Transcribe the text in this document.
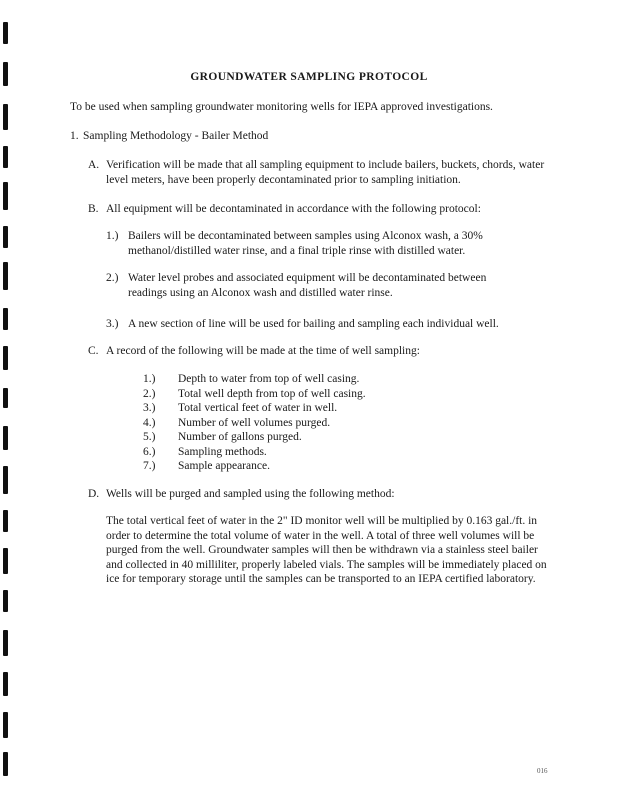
GROUNDWATER SAMPLING PROTOCOL

To be used when sampling groundwater monitoring wells for IEPA approved investigations.

1. Sampling Methodology - Bailer Method
A. Verification will be made that all sampling equipment to include bailers, buckets, chords, water level meters, have been properly decontaminated prior to sampling initiation.

B. All equipment will be decontaminated in accordance with the following protocol:

1.) Bailers will be decontaminated between samples using Alconox wash, a 30% methanol/distilled water rinse, and a final triple rinse with distilled water.

2.) Water level probes and associated equipment will be decontaminated between readings using an Alconox wash and distilled water rinse.

3.) A new section of line will be used for bailing and sampling each individual well.

C. A record of the following will be made at the time of well sampling:

1.) Depth to water from top of well casing.
2.) Total well depth from top of well casing.
3.) Total vertical feet of water in well.
4.) Number of well volumes purged.
5.) Number of gallons purged.
6.) Sampling methods.
7.) Sample appearance.
D. Wells will be purged and sampled using the following method:

The total vertical feet of water in the 2" ID monitor well will be multiplied by 0.163 gal./ft. in order to determine the total volume of water in the well. A total of three well volumes will be purged from the well. Groundwater samples will then be withdrawn via a stainless steel bailer and collected in 40 milliliter, properly labeled vials. The samples will be immediately placed on ice for temporary storage until the samples can be transported to an IEPA certified laboratory.

016
